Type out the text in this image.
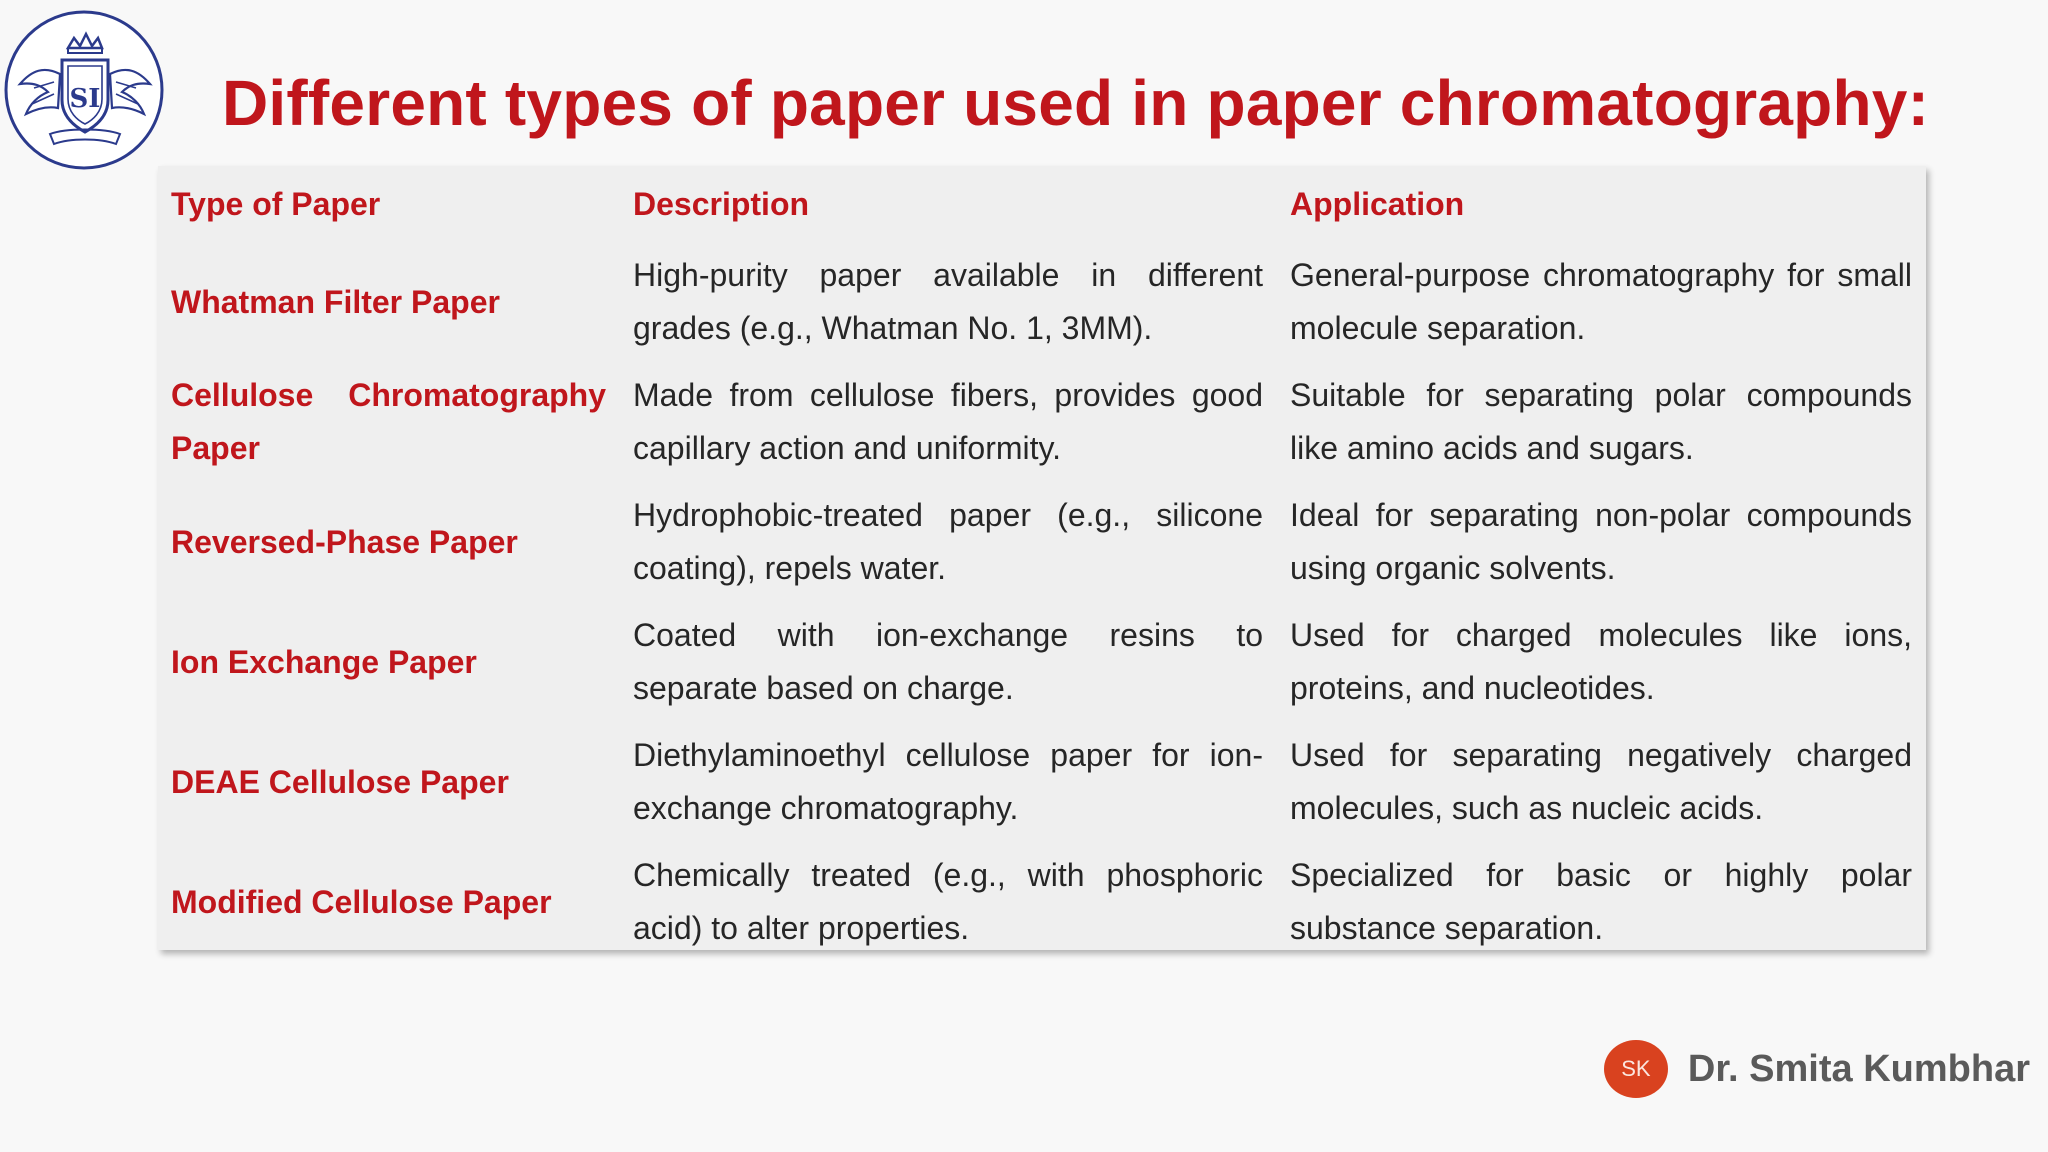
SI Different types of paper used in paper chromatography:
Type of Paper	Description	Application
Whatman Filter Paper	High-purity paper available in different grades (e.g., Whatman No. 1, 3MM).	General-purpose chromatography for small molecule separation.
Cellulose Chromatography Paper	Made from cellulose fibers, provides good capillary action and uniformity.	Suitable for separating polar compounds like amino acids and sugars.
Reversed-Phase Paper	Hydrophobic-treated paper (e.g., silicone coating), repels water.	Ideal for separating non-polar compounds using organic solvents.
Ion Exchange Paper	Coated with ion-exchange resins to separate based on charge.	Used for charged molecules like ions, proteins, and nucleotides.
DEAE Cellulose Paper	Diethylaminoethyl cellulose paper for ion-exchange chromatography.	Used for separating negatively charged molecules, such as nucleic acids.
Modified Cellulose Paper	Chemically treated (e.g., with phosphoric acid) to alter properties.	Specialized for basic or highly polar substance separation.
SK Dr. Smita Kumbhar
